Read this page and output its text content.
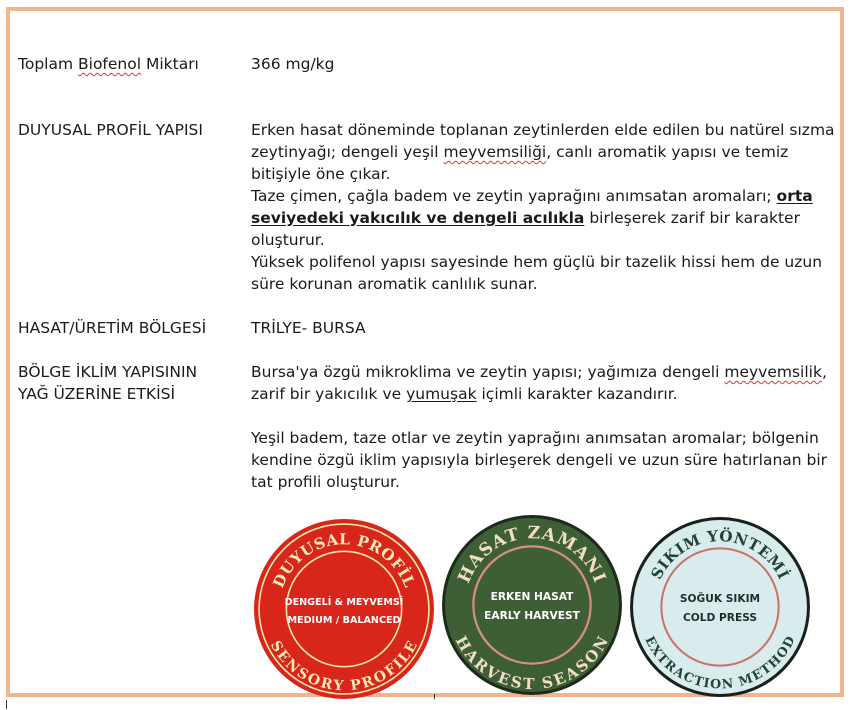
Toplam Biofenol Miktarı	366 mg/kg
DUYUSAL PROFİL YAPISI	Erken hasat döneminde toplanan zeytinlerden elde edilen bu natürel sızma zeytinyağı; dengeli yeşil meyvemsiliği, canlı aromatik yapısı ve temiz bitişiyle öne çıkar.
Taze çimen, çağla badem ve zeytin yaprağını anımsatan aromaları; orta seviyedeki yakıcılık ve dengeli acılıkla birleşerek zarif bir karakter oluşturur.
Yüksek polifenol yapısı sayesinde hem güçlü bir tazelik hissi hem de uzun süre korunan aromatik canlılık sunar.
HASAT/ÜRETİM BÖLGESİ	TRİLYE- BURSA
BÖLGE İKLİM YAPISININ
YAĞ ÜZERİNE ETKİSİ
Bursa'ya özgü mikroklima ve zeytin yapısı; yağımıza dengeli meyvemsilik, zarif bir yakıcılık ve yumuşak içimli karakter kazandırır.
Yeşil badem, taze otlar ve zeytin yaprağını anımsatan aromalar; bölgenin kendine özgü iklim yapısıyla birleşerek dengeli ve uzun süre hatırlanan bir tat profili oluşturur.
DUYUSAL PROFİL
SENSORY PROFILE
DENGELİ & MEYVEMSİ
MEDIUM / BALANCED
HASAT ZAMANI
HARVEST SEASON
ERKEN HASAT
EARLY HARVEST
SIKIM YÖNTEMİ
EXTRACTION METHOD
SOĞUK SIKIM
COLD PRESS
